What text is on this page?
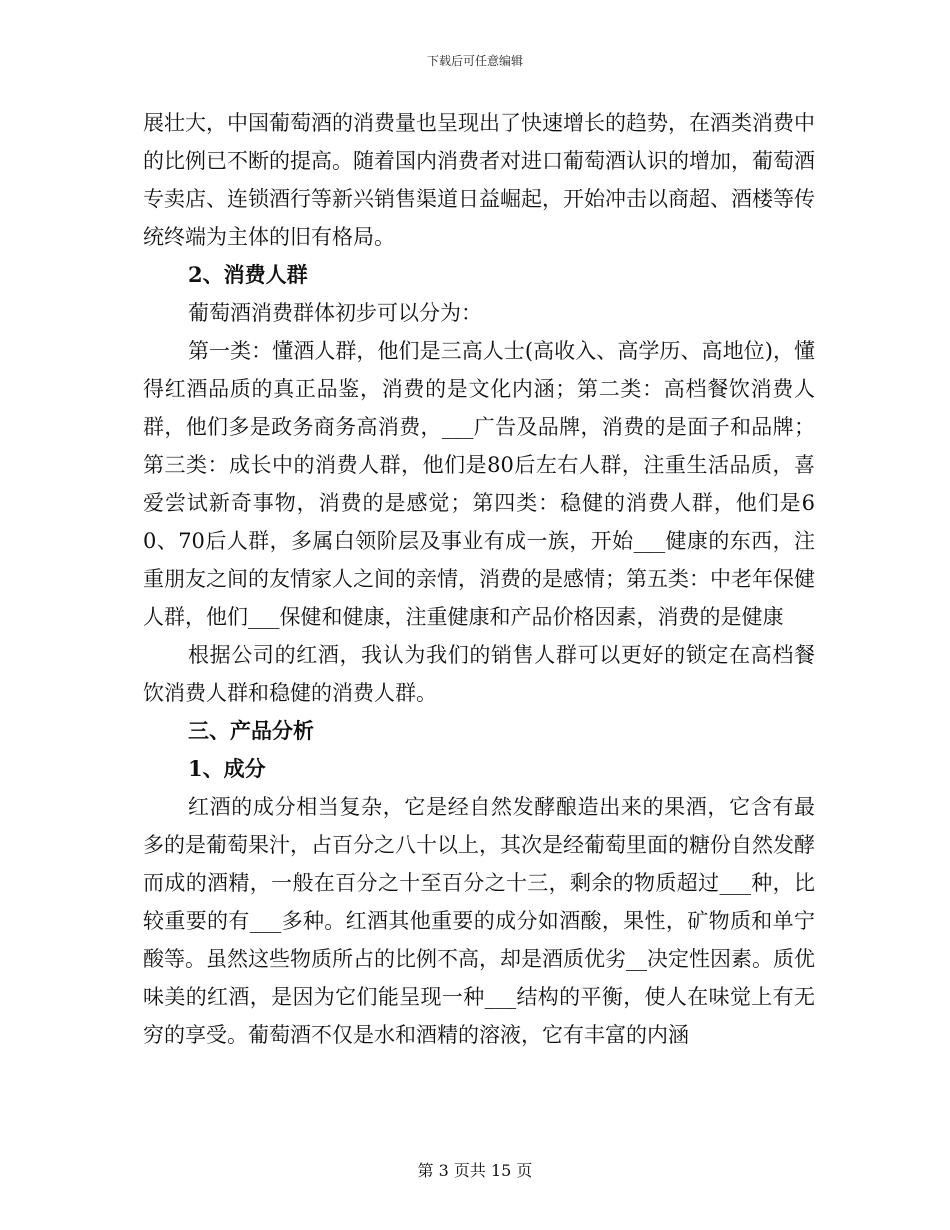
下载后可任意编辑

展壮大，中国葡萄酒的消费量也呈现出了快速增长的趋势，在酒类消费中的比例已不断的提高。随着国内消费者对进口葡萄酒认识的增加，葡萄酒专卖店、连锁酒行等新兴销售渠道日益崛起，开始冲击以商超、酒楼等传统终端为主体的旧有格局。

2、消费人群

葡萄酒消费群体初步可以分为：

第一类：懂酒人群，他们是三高人士(高收入、高学历、高地位)，懂得红酒品质的真正品鉴，消费的是文化内涵；第二类：高档餐饮消费人群，他们多是政务商务高消费，___广告及品牌，消费的是面子和品牌；第三类：成长中的消费人群，他们是80后左右人群，注重生活品质，喜爱尝试新奇事物，消费的是感觉；第四类：稳健的消费人群，他们是60、70后人群，多属白领阶层及事业有成一族，开始___健康的东西，注重朋友之间的友情家人之间的亲情，消费的是感情；第五类：中老年保健人群，他们___保健和健康，注重健康和产品价格因素，消费的是健康

根据公司的红酒，我认为我们的销售人群可以更好的锁定在高档餐饮消费人群和稳健的消费人群。

三、产品分析
1、成分

红酒的成分相当复杂，它是经自然发酵酿造出来的果酒，它含有最多的是葡萄果汁，占百分之八十以上，其次是经葡萄里面的糖份自然发酵而成的酒精，一般在百分之十至百分之十三，剩余的物质超过___种，比较重要的有___多种。红酒其他重要的成分如酒酸，果性，矿物质和单宁酸等。虽然这些物质所占的比例不高，却是酒质优劣__决定性因素。质优味美的红酒，是因为它们能呈现一种___结构的平衡，使人在味觉上有无穷的享受。葡萄酒不仅是水和酒精的溶液，它有丰富的内涵

第 3 页共 15 页
